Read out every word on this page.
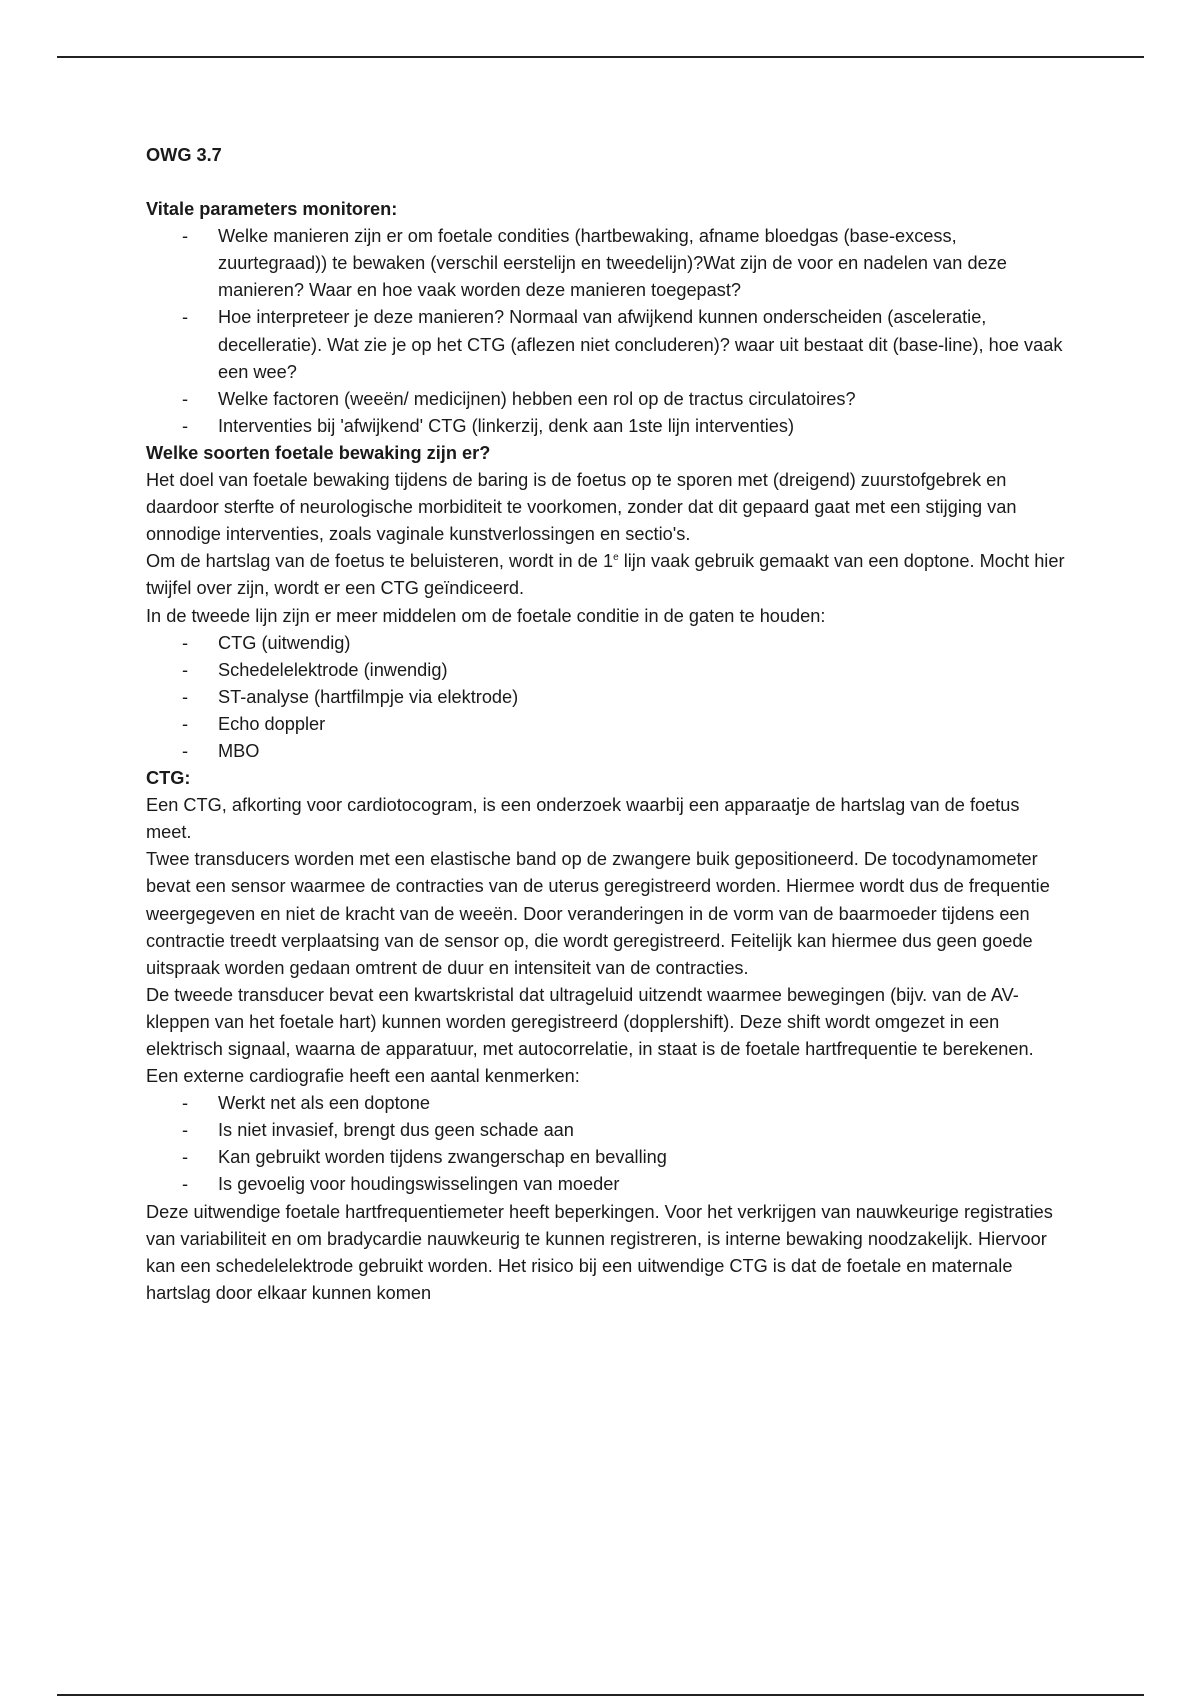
OWG 3.7

Vitale parameters monitoren:

- Welke manieren zijn er om foetale condities (hartbewaking, afname bloedgas (base-excess, zuurtegraad)) te bewaken (verschil eerstelijn en tweedelijn)?Wat zijn de voor en nadelen van deze manieren? Waar en hoe vaak worden deze manieren toegepast?
- Hoe interpreteer je deze manieren? Normaal van afwijkend kunnen onderscheiden (asceleratie, decelleratie). Wat zie je op het CTG (aflezen niet concluderen)? waar uit bestaat dit (base-line), hoe vaak een wee?
- Welke factoren (weeën/ medicijnen) hebben een rol op de tractus circulatoires?
- Interventies bij 'afwijkend' CTG (linkerzij, denk aan 1ste lijn interventies)

Welke soorten foetale bewaking zijn er?

Het doel van foetale bewaking tijdens de baring is de foetus op te sporen met (dreigend) zuurstofgebrek en daardoor sterfte of neurologische morbiditeit te voorkomen, zonder dat dit gepaard gaat met een stijging van onnodige interventies, zoals vaginale kunstverlossingen en sectio's.

Om de hartslag van de foetus te beluisteren, wordt in de 1e lijn vaak gebruik gemaakt van een doptone. Mocht hier twijfel over zijn, wordt er een CTG geïndiceerd.

In de tweede lijn zijn er meer middelen om de foetale conditie in de gaten te houden:

- CTG (uitwendig)
- Schedelelektrode (inwendig)
- ST-analyse (hartfilmpje via elektrode)
- Echo doppler
- MBO

CTG:

Een CTG, afkorting voor cardiotocogram, is een onderzoek waarbij een apparaatje de hartslag van de foetus meet.

Twee transducers worden met een elastische band op de zwangere buik gepositioneerd. De tocodynamometer bevat een sensor waarmee de contracties van de uterus geregistreerd worden. Hiermee wordt dus de frequentie weergegeven en niet de kracht van de weeën. Door veranderingen in de vorm van de baarmoeder tijdens een contractie treedt verplaatsing van de sensor op, die wordt geregistreerd. Feitelijk kan hiermee dus geen goede uitspraak worden gedaan omtrent de duur en intensiteit van de contracties.

De tweede transducer bevat een kwartskristal dat ultrageluid uitzendt waarmee bewegingen (bijv. van de AV-kleppen van het foetale hart) kunnen worden geregistreerd (dopplershift). Deze shift wordt omgezet in een elektrisch signaal, waarna de apparatuur, met autocorrelatie, in staat is de foetale hartfrequentie te berekenen.

Een externe cardiografie heeft een aantal kenmerken:

- Werkt net als een doptone
- Is niet invasief, brengt dus geen schade aan
- Kan gebruikt worden tijdens zwangerschap en bevalling
- Is gevoelig voor houdingswisselingen van moeder

Deze uitwendige foetale hartfrequentiemeter heeft beperkingen. Voor het verkrijgen van nauwkeurige registraties van variabiliteit en om bradycardie nauwkeurig te kunnen registreren, is interne bewaking noodzakelijk. Hiervoor kan een schedelelektrode gebruikt worden. Het risico bij een uitwendige CTG is dat de foetale en maternale hartslag door elkaar kunnen komen
